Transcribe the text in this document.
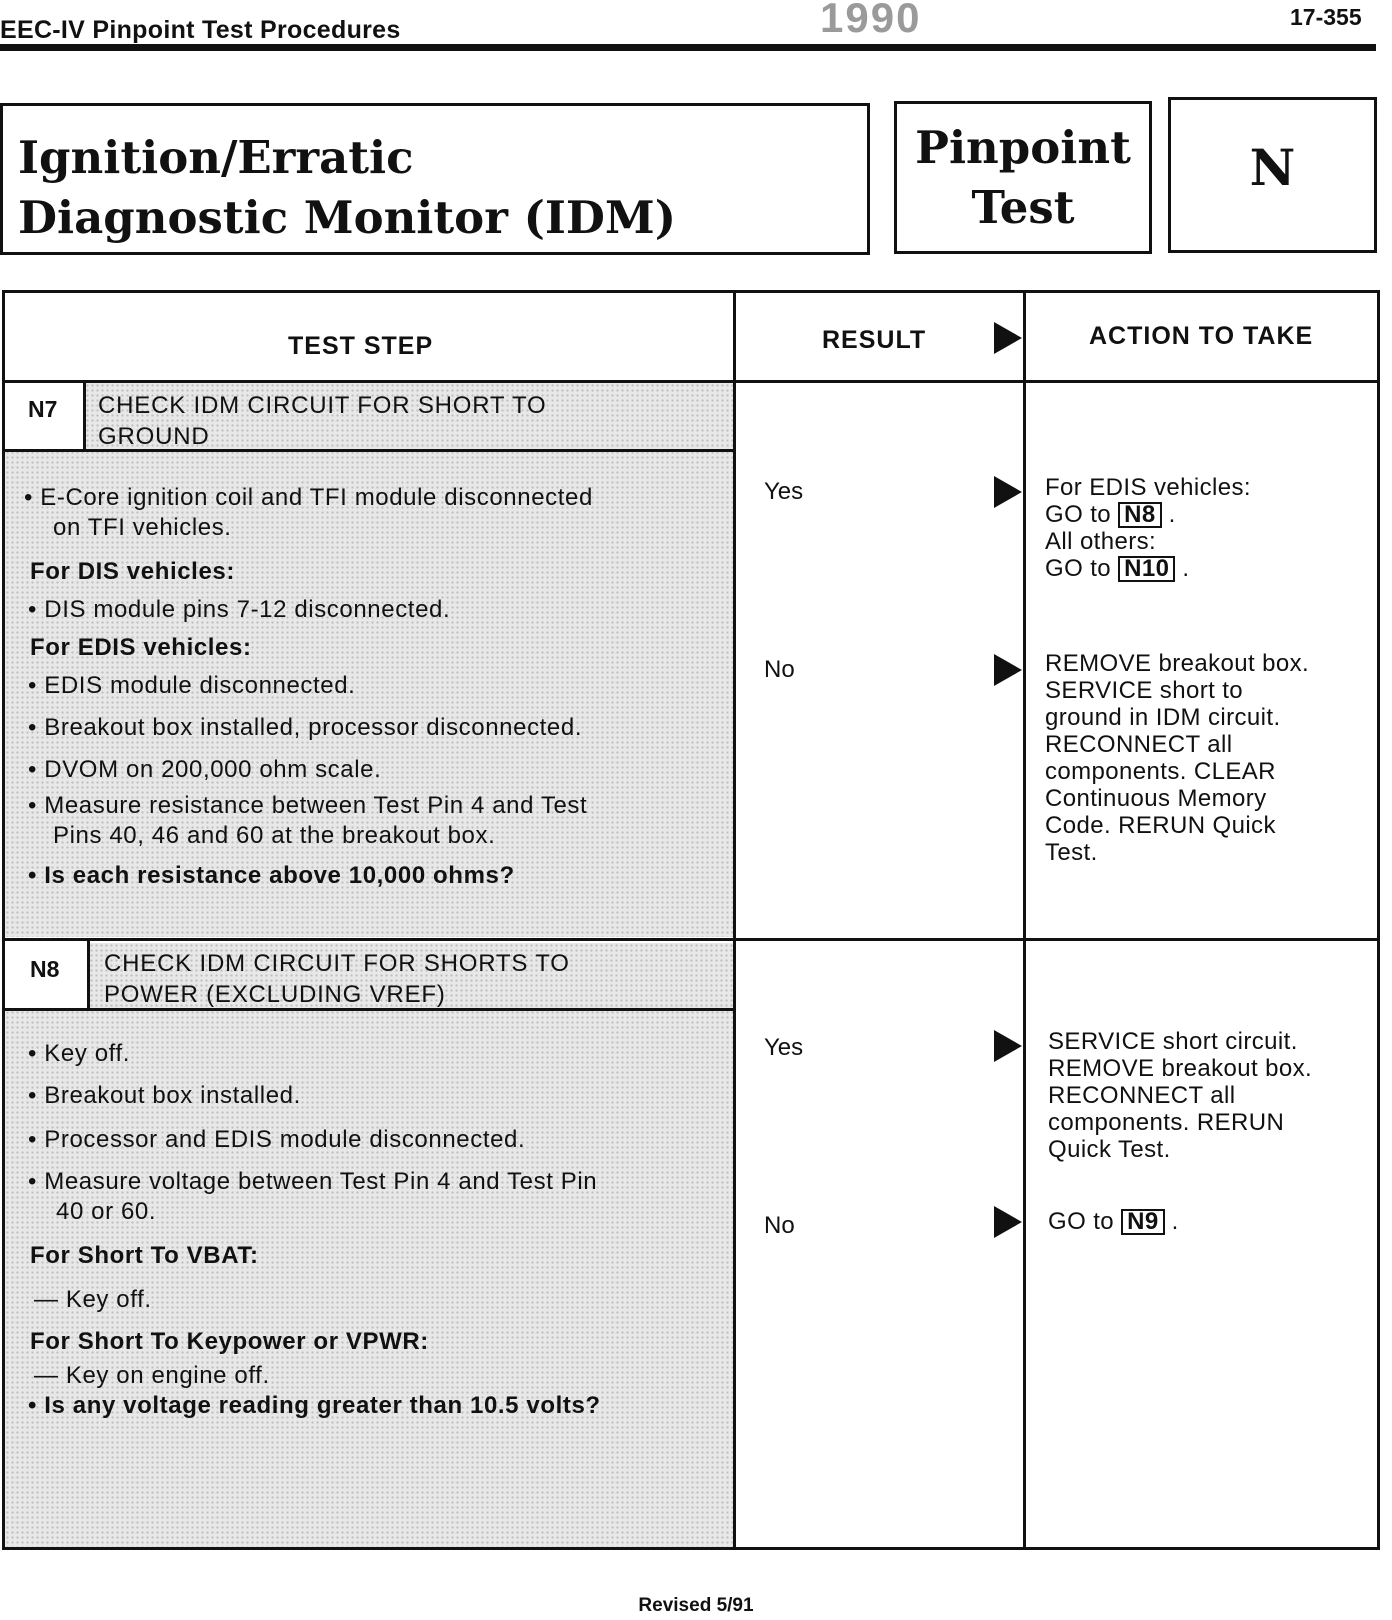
EEC-IV Pinpoint Test Procedures	1990	17-355
Ignition/Erratic
Diagnostic Monitor (IDM)
Pinpoint
Test
N
TEST STEP	RESULT	ACTION TO TAKE
N7 CHECK IDM CIRCUIT FOR SHORT TO
GROUND
• E-Core ignition coil and TFI module disconnected
on TFI vehicles.
For DIS vehicles:
• DIS module pins 7-12 disconnected.
For EDIS vehicles:
• EDIS module disconnected.
• Breakout box installed, processor disconnected.
• DVOM on 200,000 ohm scale.
• Measure resistance between Test Pin 4 and Test
Pins 40, 46 and 60 at the breakout box.
• Is each resistance above 10,000 ohms?
Yes	For EDIS vehicles:
GO to N8 .
All others:
GO to N10 .
No	REMOVE breakout box.
SERVICE short to
ground in IDM circuit.
RECONNECT all
components. CLEAR
Continuous Memory
Code. RERUN Quick
Test.
N8 CHECK IDM CIRCUIT FOR SHORTS TO
POWER (EXCLUDING VREF)
• Key off.
• Breakout box installed.
• Processor and EDIS module disconnected.
• Measure voltage between Test Pin 4 and Test Pin
40 or 60.
For Short To VBAT:
— Key off.
For Short To Keypower or VPWR:
— Key on engine off.
• Is any voltage reading greater than 10.5 volts?
Yes	SERVICE short circuit.
REMOVE breakout box.
RECONNECT all
components. RERUN
Quick Test.
No	GO to N9 .
Revised 5/91
